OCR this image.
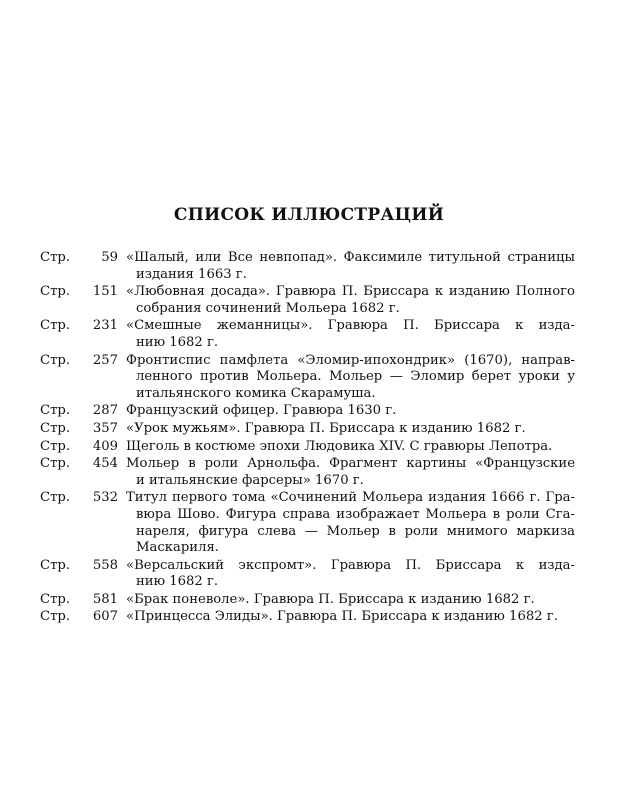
СПИСОК ИЛЛЮСТРАЦИЙ
Стр.	59 «Шалый, или Все невпопад». Факсимиле титульной страницы
издания 1663 г.
Стр.	151 «Любовная досада». Гравюра П. Бриссара к изданию Полного
собрания сочинений Мольера 1682 г.
Стр.	231 «Смешные жеманницы». Гравюра П. Бриссара к изда-
нию 1682 г.
Стр.	257 Фронтиспис памфлета «Эломир-ипохондрик» (1670), направ-
ленного против Мольера. Мольер — Эломир берет уроки у
итальянского комика Скарамуша.
Стр.	287 Французский офицер. Гравюра 1630 г.
Стр.	357 «Урок мужьям». Гравюра П. Бриссара к изданию 1682 г.
Стр.	409 Щеголь в костюме эпохи Людовика XIV. С гравюры Лепотра.
Стр.	454 Мольер в роли Арнольфа. Фрагмент картины «Французские
и итальянские фарсеры» 1670 г.
Стр.	532 Титул первого тома «Сочинений Мольера издания 1666 г. Гра-
вюра Шово. Фигура справа изображает Мольера в роли Сга-
нареля, фигура слева — Мольер в роли мнимого маркиза
Маскариля.
Стр.	558 «Версальский экспромт». Гравюра П. Бриссара к изда-
нию 1682 г.
Стр.	581 «Брак поневоле». Гравюра П. Бриссара к изданию 1682 г.
Стр.	607 «Принцесса Элиды». Гравюра П. Бриссара к изданию 1682 г.
